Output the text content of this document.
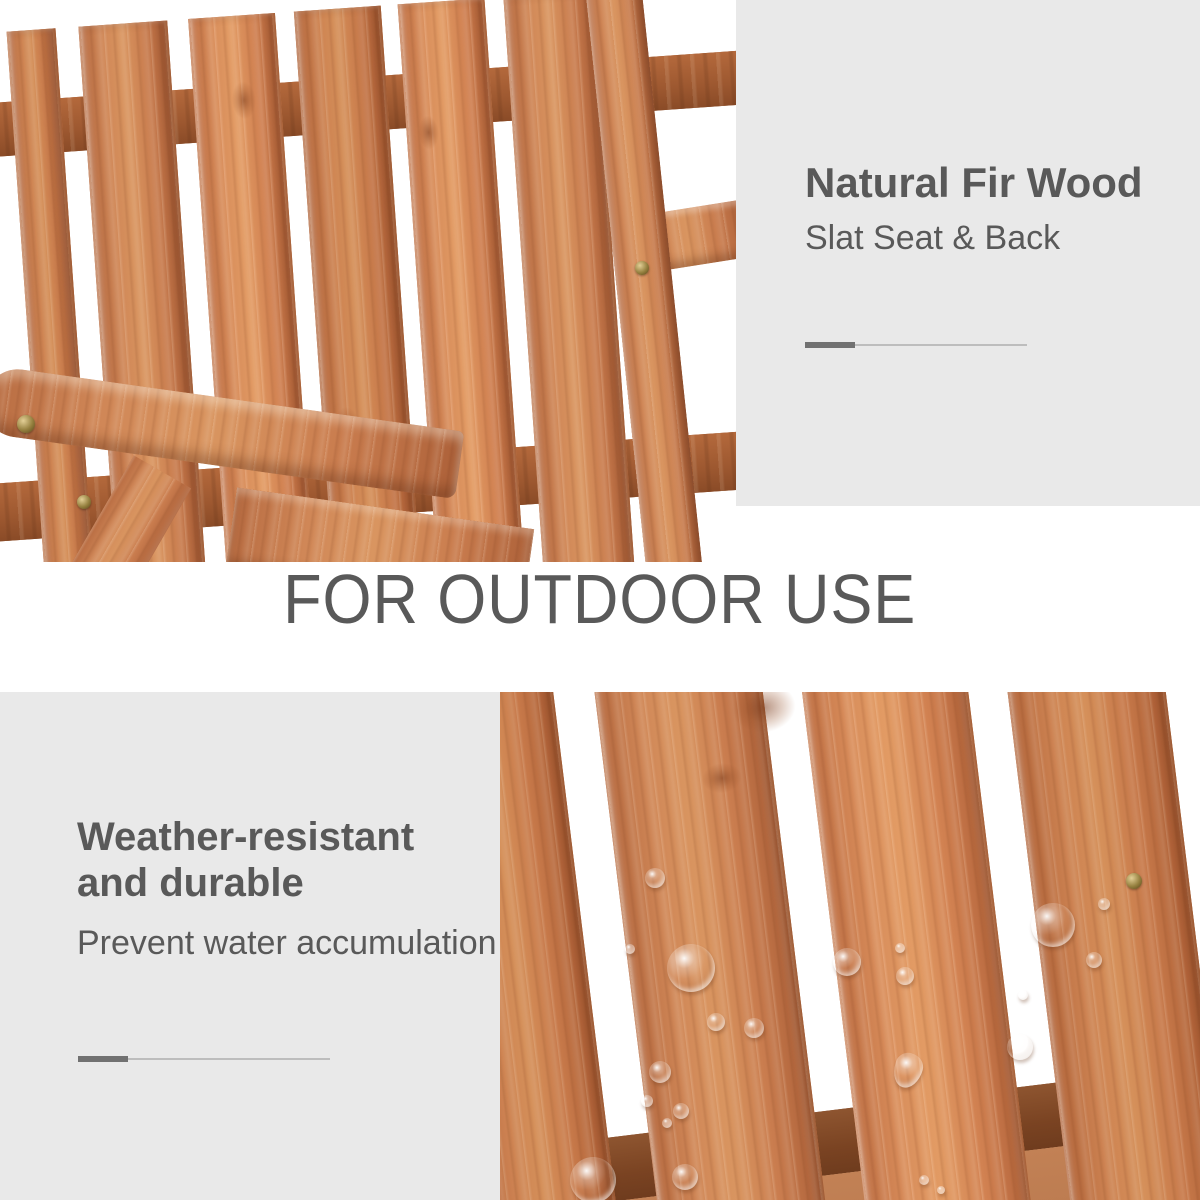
Natural Fir Wood

Slat Seat & Back

FOR OUTDOOR USE
Weather-resistant and durable

Prevent water accumulation
